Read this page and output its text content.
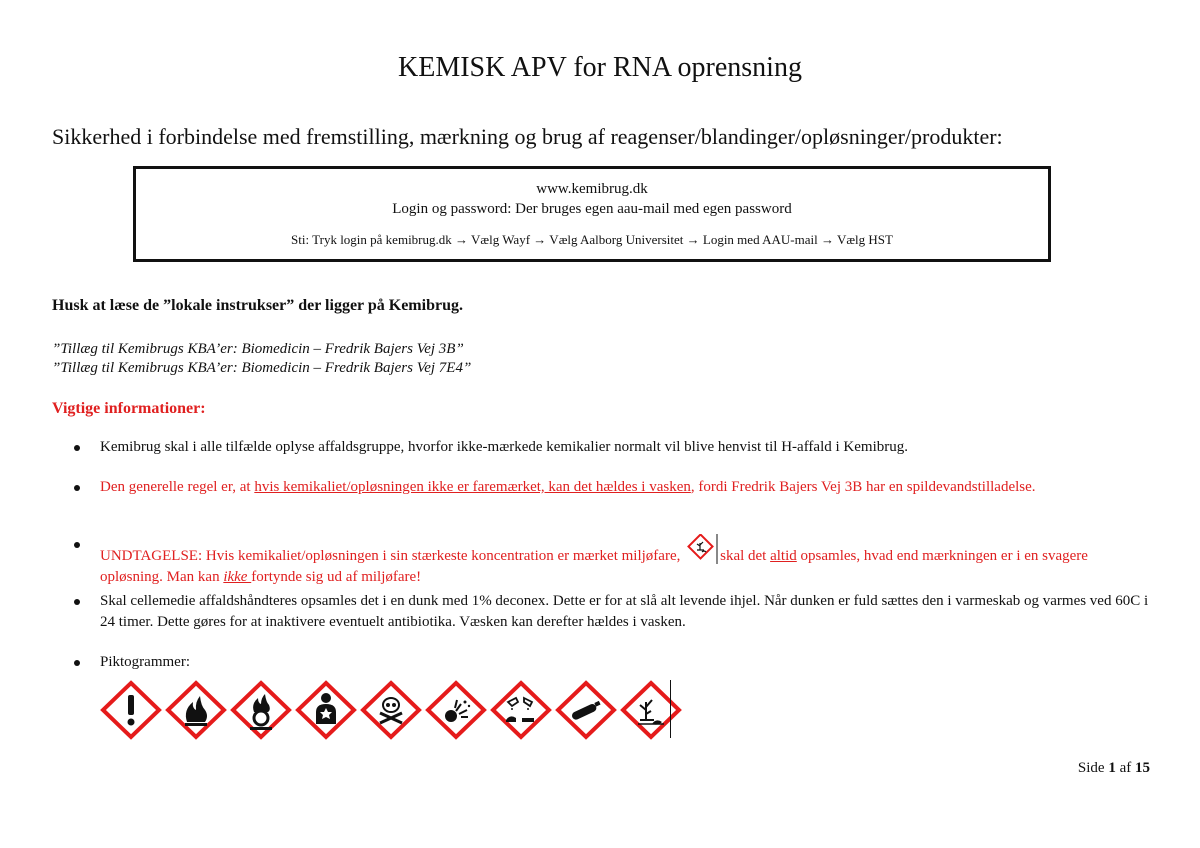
KEMISK APV for RNA oprensning
Sikkerhed i forbindelse med fremstilling, mærkning og brug af reagenser/blandinger/opløsninger/produkter:
www.kemibrug.dk
Login og password: Der bruges egen aau-mail med egen password
Sti: Tryk login på kemibrug.dk → Vælg Wayf → Vælg Aalborg Universitet → Login med AAU-mail → Vælg HST

Husk at læse de ”lokale instrukser” der ligger på Kemibrug.

”Tillæg til Kemibrugs KBA’er: Biomedicin – Fredrik Bajers Vej 3B”

”Tillæg til Kemibrugs KBA’er: Biomedicin – Fredrik Bajers Vej 7E4”

Vigtige informationer:

Kemibrug skal i alle tilfælde oplyse affaldsgruppe, hvorfor ikke-mærkede kemikalier normalt vil blive henvist til H-affald i Kemibrug.
Den generelle regel er, at hvis kemikaliet/opløsningen ikke er faremærket, kan det hældes i vasken, fordi Fredrik Bajers Vej 3B har en spildevandstilladelse.
UNDTAGELSE: Hvis kemikaliet/opløsningen i sin stærkeste koncentration er mærket miljøfare, skal det altid opsamles, hvad end mærkningen er i en svagere opløsning. Man kan ikke fortynde sig ud af miljøfare!
Skal cellemedie affaldshåndteres opsamles det i en dunk med 1% deconex. Dette er for at slå alt levende ihjel. Når dunken er fuld sættes den i varmeskab og varmes ved 60C i 24 timer. Dette gøres for at inaktivere eventuelt antibiotika. Væsken kan derefter hældes i vasken.
Piktogrammer:

Side 1 af 15
